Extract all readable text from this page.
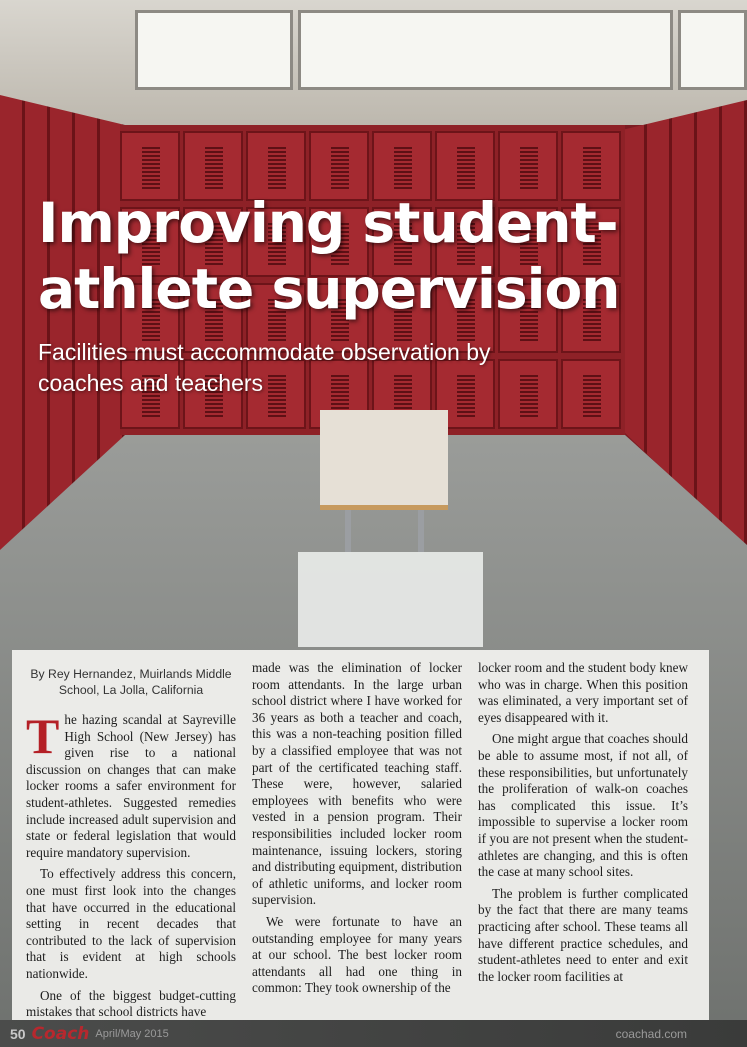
Improving student-athlete supervision

Facilities must accommodate observation by coaches and teachers

By Rey Hernandez, Muirlands Middle School, La Jolla, California

The hazing scandal at Sayreville High School (New Jersey) has given rise to a national discussion on changes that can make locker rooms a safer environment for student-athletes. Suggested remedies include increased adult supervision and state or federal legislation that would require mandatory supervision.

To effectively address this concern, one must first look into the changes that have occurred in the educational setting in recent decades that contributed to the lack of supervision that is evident at high schools nationwide.

One of the biggest budget-cutting mistakes that school districts have

made was the elimination of locker room attendants. In the large urban school district where I have worked for 36 years as both a teacher and coach, this was a non-teaching position filled by a classified employee that was not part of the certificated teaching staff. These were, however, salaried employees with benefits who were vested in a pension program. Their responsibilities included locker room maintenance, issuing lockers, storing and distributing equipment, distribution of athletic uniforms, and locker room supervision.

We were fortunate to have an outstanding employee for many years at our school. The best locker room attendants all had one thing in common: They took ownership of the

locker room and the student body knew who was in charge. When this position was eliminated, a very important set of eyes disappeared with it.

One might argue that coaches should be able to assume most, if not all, of these responsibilities, but unfortunately the proliferation of walk-on coaches has complicated this issue. It’s impossible to supervise a locker room if you are not present when the student-athletes are changing, and this is often the case at many school sites.

The problem is further complicated by the fact that there are many teams practicing after school. These teams all have different practice schedules, and student-athletes need to enter and exit the locker room facilities at

50 Coach April/May 2015	coachad.com
